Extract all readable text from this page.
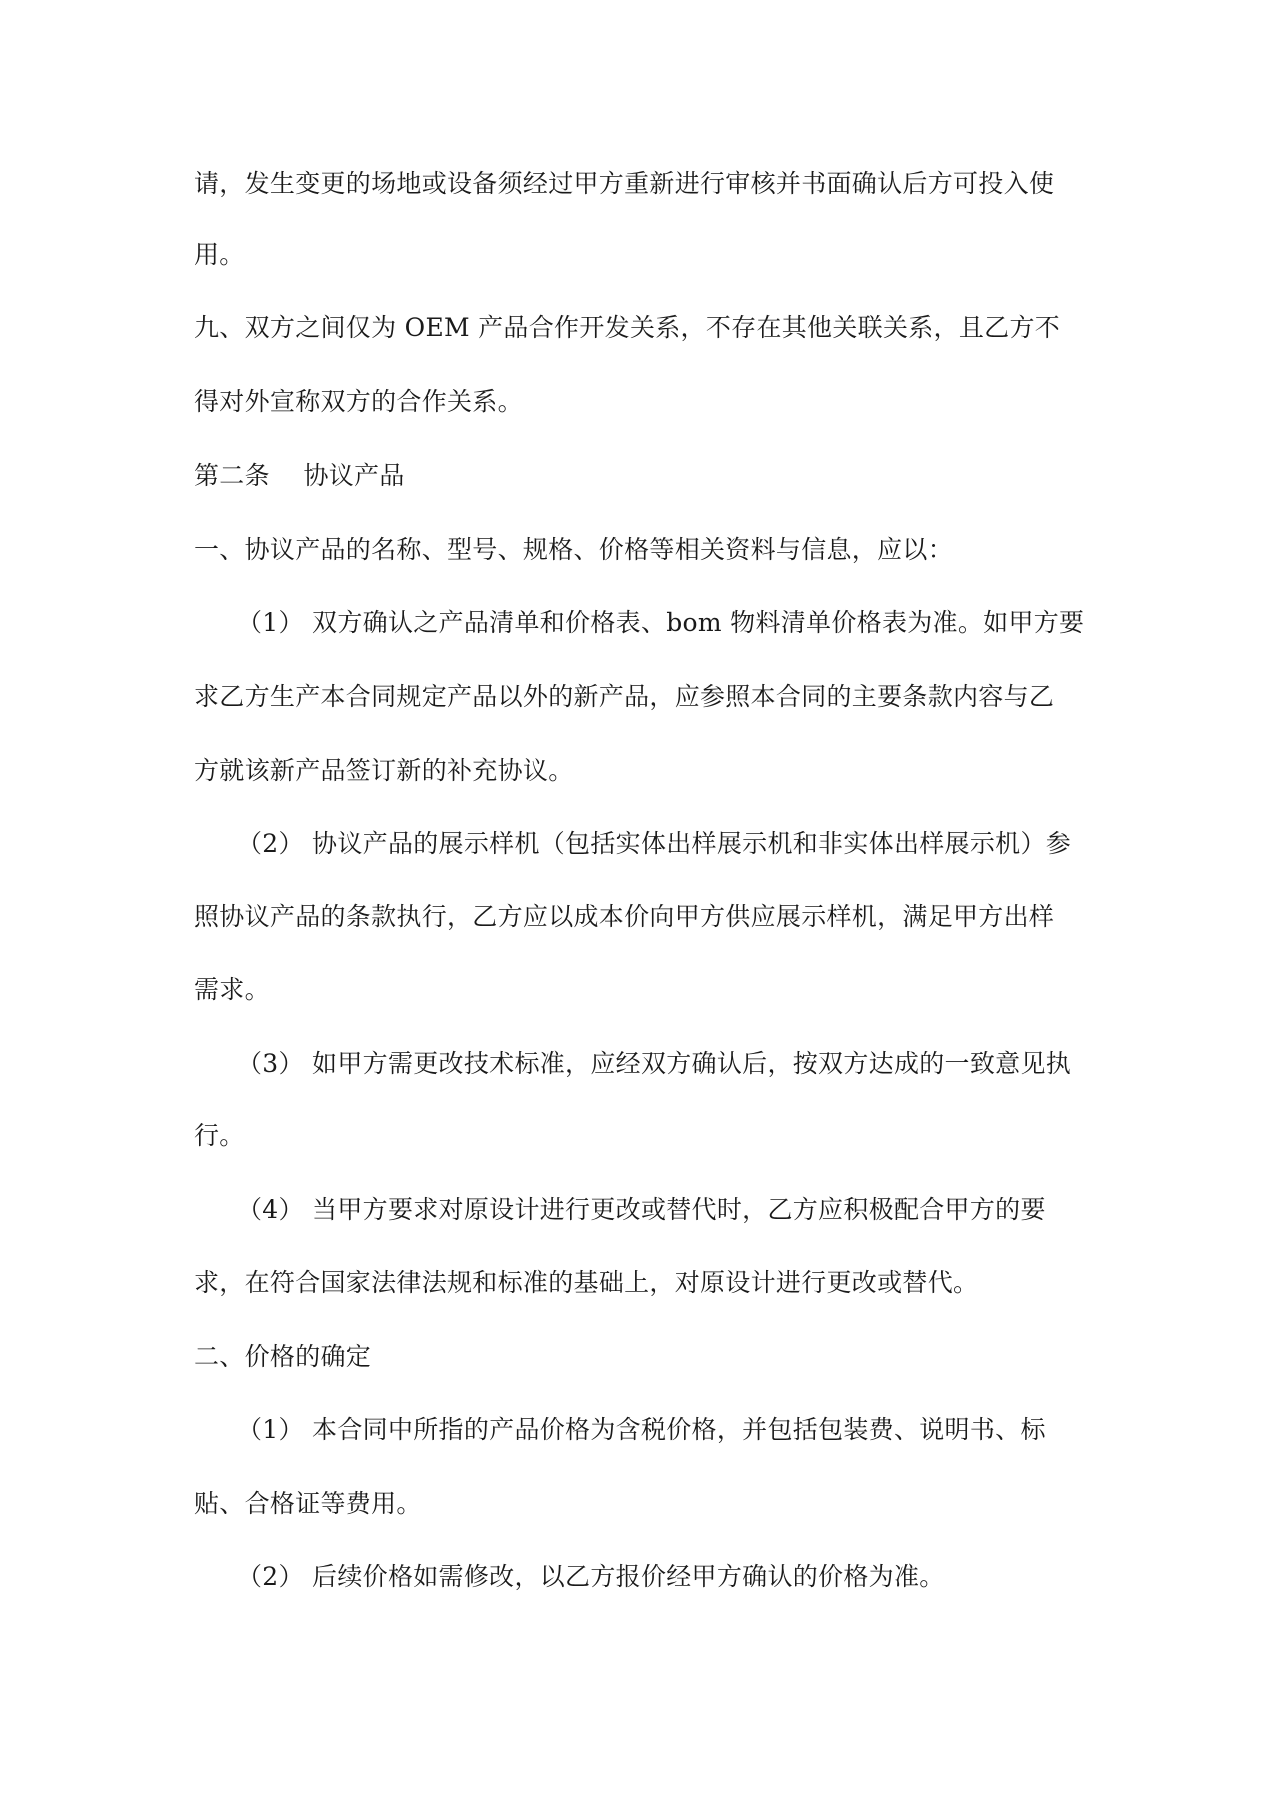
请，发生变更的场地或设备须经过甲方重新进行审核并书面确认后方可投入使
用。
九、双方之间仅为 OEM 产品合作开发关系，不存在其他关联关系，且乙方不
得对外宣称双方的合作关系。
第二条　 协议产品
一、协议产品的名称、型号、规格、价格等相关资料与信息，应以：
（1） 双方确认之产品清单和价格表、bom 物料清单价格表为准。如甲方要
求乙方生产本合同规定产品以外的新产品，应参照本合同的主要条款内容与乙
方就该新产品签订新的补充协议。
（2） 协议产品的展示样机（包括实体出样展示机和非实体出样展示机）参
照协议产品的条款执行，乙方应以成本价向甲方供应展示样机，满足甲方出样
需求。
（3） 如甲方需更改技术标准，应经双方确认后，按双方达成的一致意见执
行。
（4） 当甲方要求对原设计进行更改或替代时，乙方应积极配合甲方的要
求，在符合国家法律法规和标准的基础上，对原设计进行更改或替代。
二、价格的确定
（1） 本合同中所指的产品价格为含税价格，并包括包装费、说明书、标
贴、合格证等费用。
（2） 后续价格如需修改，以乙方报价经甲方确认的价格为准。
